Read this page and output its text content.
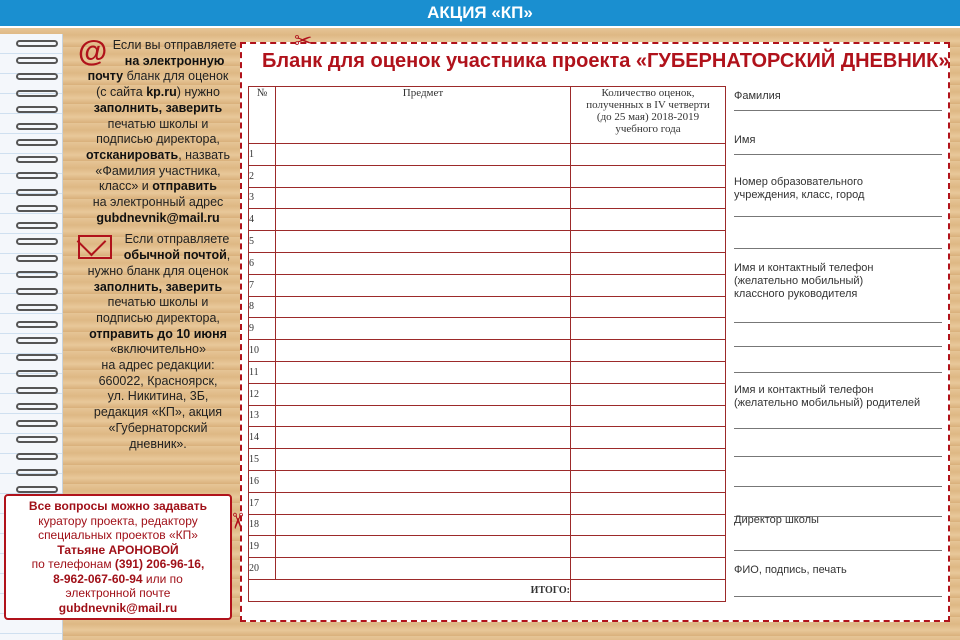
АКЦИЯ «КП»
@ Если вы отправляете
на электронную
почту бланк для оценок
(с сайта kp.ru) нужно
заполнить, заверить
печатью школы и
подписью директора,
отсканировать, назвать
«Фамилия участника,
класс» и отправить
на электронный адрес
gubdnevnik@mail.ru
Если отправляете
обычной почтой,
нужно бланк для оценок
заполнить, заверить
печатью школы и
подписью директора,
отправить до 10 июня
«включительно»
на адрес редакции:
660022, Красноярск,
ул. Никитина, 3Б,
редакция «КП», акция
«Губернаторский
дневник».
Все вопросы можно задавать
куратору проекта, редактору
специальных проектов «КП»
Татьяне АРОНОВОЙ
по телефонам (391) 206-96-16,
8-962-067-60-94 или по
электронной почте
gubdnevnik@mail.ru
✂
✂
Бланк для оценок участника проекта «ГУБЕРНАТОРСКИЙ ДНЕВНИК»
№	Предмет	Количество оценок,
полученных в IV четверти
(до 25 мая) 2018-2019
учебного года
1		
2		
3		
4		
5		
6		
7		
8		
9		
10		
11		
12		
13		
14		
15		
16		
17		
18		
19		
20		
ИТОГО:		
Фамилия
Имя
Номер образовательного
учреждения, класс, город
Имя и контактный телефон
(желательно мобильный)
классного руководителя
Имя и контактный телефон
(желательно мобильный) родителей
Директор школы
ФИО, подпись, печать
